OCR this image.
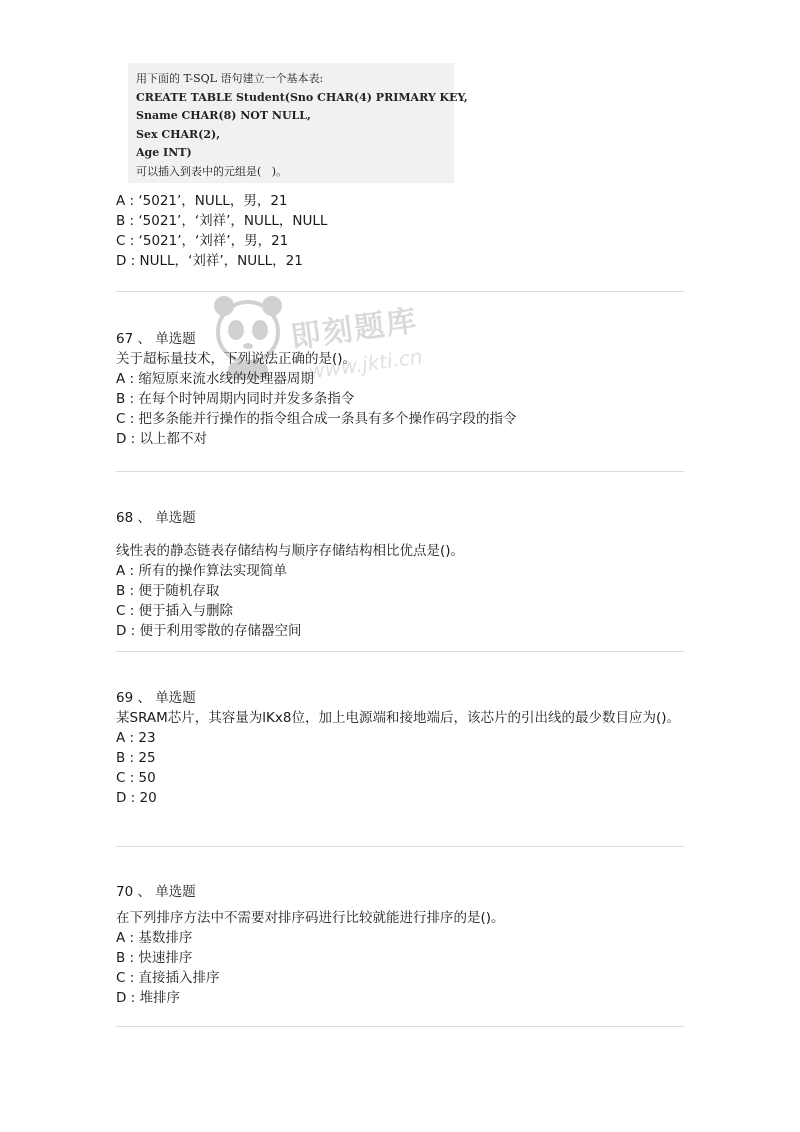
用下面的 T-SQL 语句建立一个基本表:
CREATE TABLE Student(Sno CHAR(4) PRIMARY KEY,
Sname CHAR(8) NOT NULL,
Sex CHAR(2),
Age INT)
可以插入到表中的元组是(   )。
A : ‘5021’，NULL，男，21
B : ‘5021’，‘刘祥’，NULL，NULL
C : ‘5021’，‘刘祥’，男，21
D : NULL，‘刘祥’，NULL，21
即刻题库
www.jkti.cn
67 、 单选题
关于超标量技术，下列说法正确的是()。
A : 缩短原来流水线的处理器周期
B : 在每个时钟周期内同时并发多条指令
C : 把多条能并行操作的指令组合成一条具有多个操作码字段的指令
D : 以上都不对
68 、 单选题
线性表的静态链表存储结构与顺序存储结构相比优点是()。
A : 所有的操作算法实现简单
B : 便于随机存取
C : 便于插入与删除
D : 便于利用零散的存储器空间
69 、 单选题
某SRAM芯片，其容量为lKx8位，加上电源端和接地端后，该芯片的引出线的最少数目应为()。
A : 23
B : 25
C : 50
D : 20
70 、 单选题
在下列排序方法中不需要对排序码进行比较就能进行排序的是()。
A : 基数排序
B : 快速排序
C : 直接插入排序
D : 堆排序
